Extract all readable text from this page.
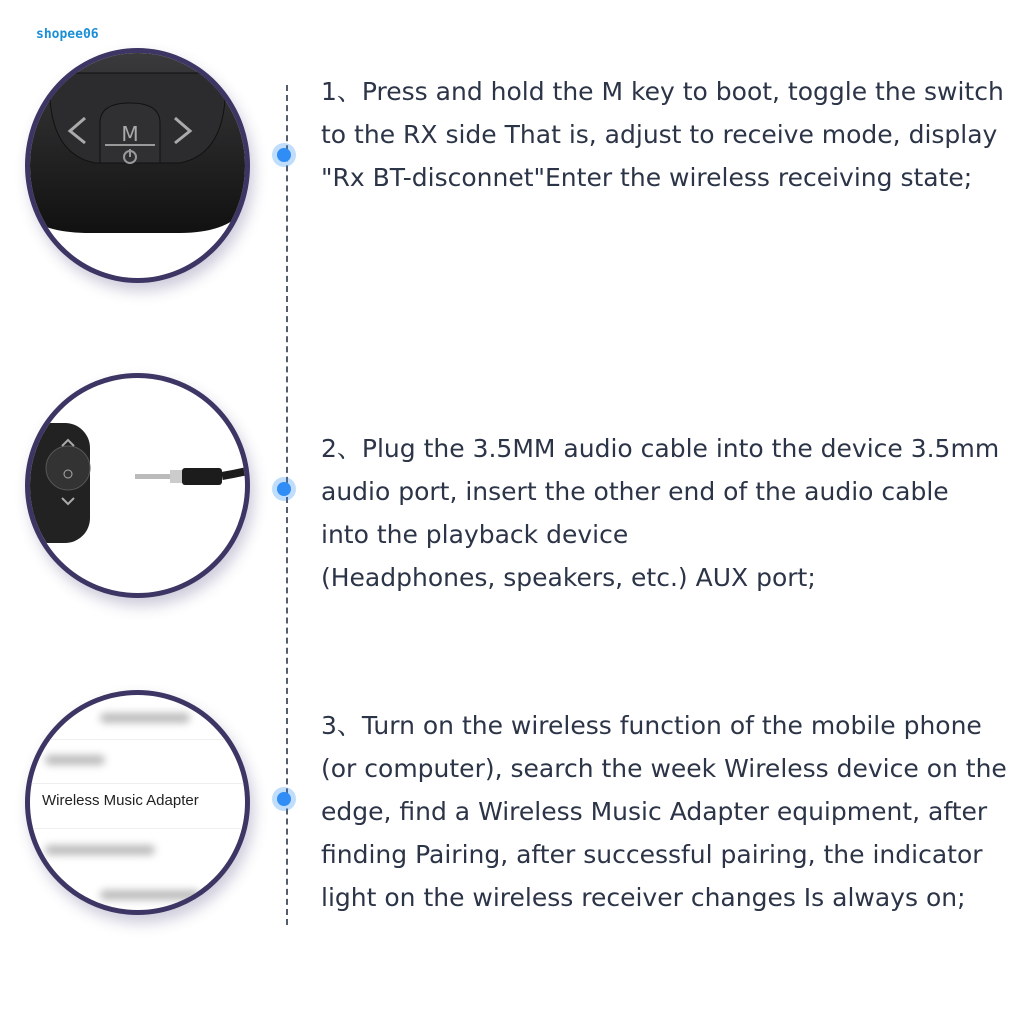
shopee06
M
Wireless Music Adapter
1、Press and hold the M key to boot, toggle the switch
to the RX side That is, adjust to receive mode, display
"Rx BT-disconnet"Enter the wireless receiving state;
2、Plug the 3.5MM audio cable into the device 3.5mm
audio port, insert the other end of the audio cable
into the playback device
(Headphones, speakers, etc.) AUX port;
3、Turn on the wireless function of the mobile phone
(or computer), search the week Wireless device on the
edge, find a Wireless Music Adapter equipment, after
finding Pairing, after successful pairing, the indicator
light on the wireless receiver changes Is always on;
